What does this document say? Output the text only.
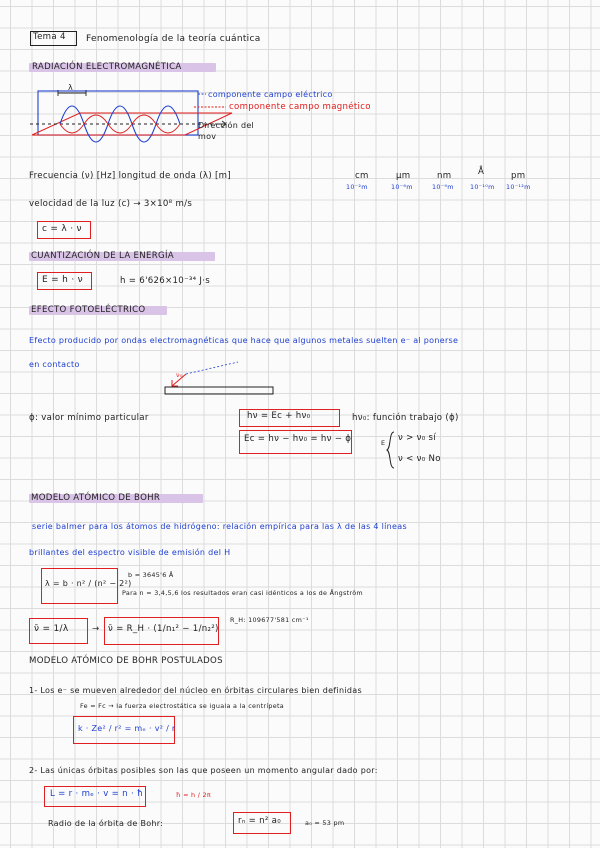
Tema 4 Fenomenología de la teoría cuántica
RADIACIÓN ELECTROMAGNÉTICA
λ
componente campo eléctrico
componente campo magnético
Dirección del
mov
Frecuencia (ν) [Hz] longitud de onda (λ) [m]	cm	μm	nm	Å	pm
10⁻²m	10⁻⁶m	10⁻⁹m	10⁻¹⁰m 10⁻¹²m
velocidad de la luz (c) → 3×10⁸ m/s
c = λ · ν
CUANTIZACIÓN DE LA ENERGÍA
E = h · ν	h = 6'626×10⁻³⁴ J·s
EFECTO FOTOELÉCTRICO
Efecto producido por ondas electromagnéticas que hace que algunos metales suelten e⁻ al ponerse
en contacto
ν₀
ϕ: valor mínimo particular	hν = Ec + hν₀
Ec = hν − hν₀ = hν − ϕ
hν₀: función trabajo (ϕ)
E ν > ν₀ sí
ν < ν₀ No
MODELO ATÓMICO DE BOHR
serie balmer para los átomos de hidrógeno: relación empírica para las λ de las 4 líneas
brillantes del espectro visible de emisión del H
λ = b · n² / (n² − 2²)
b = 3645'6 Å
Para n = 3,4,5,6 los resultados eran casi idénticos a los de Ångström
ν̄ = 1/λ	→ ν̄ = R_H · (1/n₁² − 1/n₂²)
R_H: 109677'581 cm⁻¹
MODELO ATÓMICO DE BOHR POSTULADOS
1- Los e⁻ se mueven alrededor del núcleo en órbitas circulares bien definidas
Fe = Fc → la fuerza electrostática se iguala a la centrípeta
k · Ze² / r² = mₑ · v² / r
2- Las únicas órbitas posibles son las que poseen un momento angular dado por:
L = r · mₑ · v = n · ħ	ħ = h / 2π
Radio de la órbita de Bohr:	rₙ = n² a₀	a₀ = 53 pm
